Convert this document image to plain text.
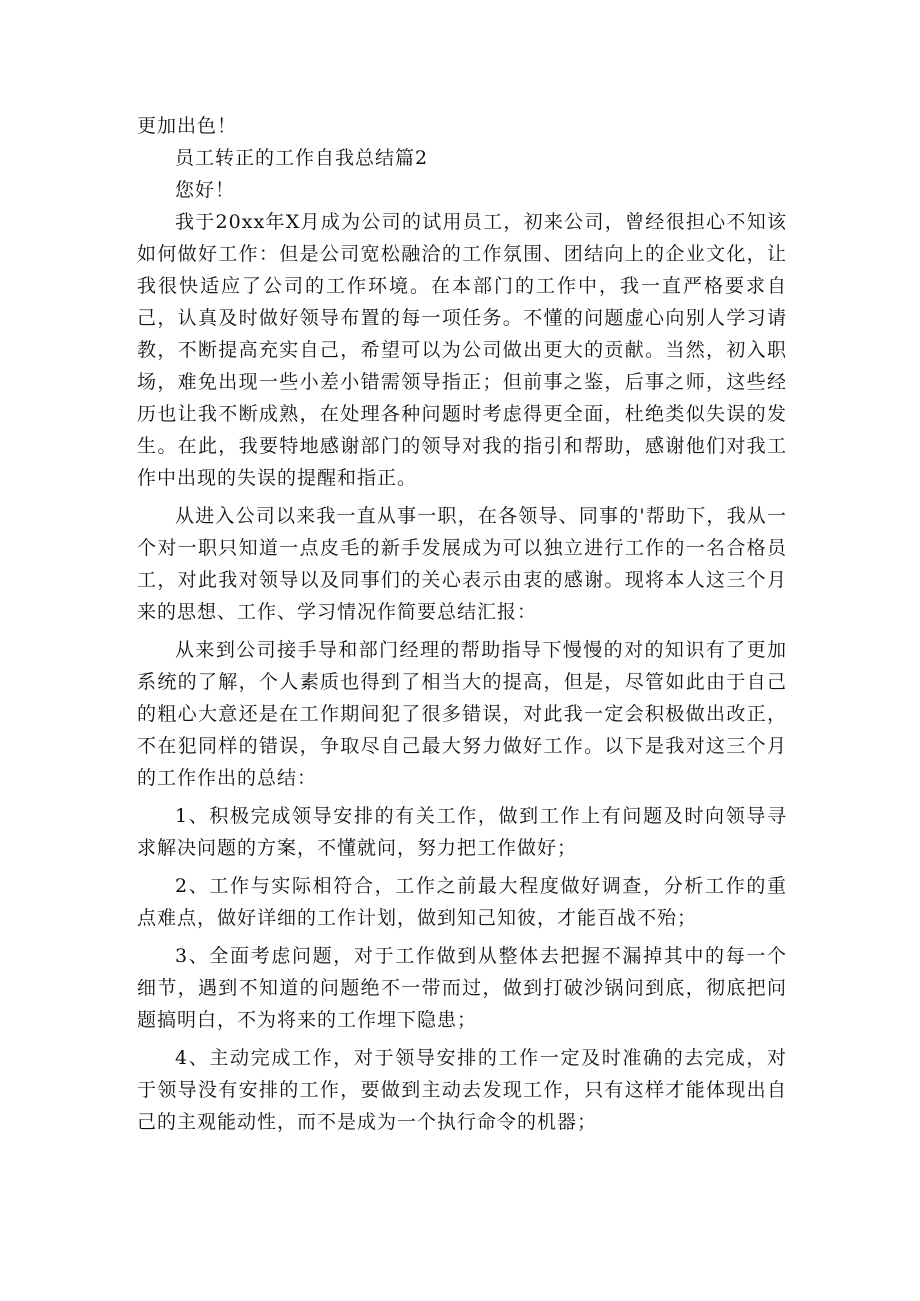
更加出色！

员工转正的工作自我总结篇2

您好！

我于20xx年X月成为公司的试用员工，初来公司，曾经很担心不知该如何做好工作：但是公司宽松融洽的工作氛围、团结向上的企业文化，让我很快适应了公司的工作环境。在本部门的工作中，我一直严格要求自己，认真及时做好领导布置的每一项任务。不懂的问题虚心向别人学习请教，不断提高充实自己，希望可以为公司做出更大的贡献。当然，初入职场，难免出现一些小差小错需领导指正；但前事之鉴，后事之师，这些经历也让我不断成熟，在处理各种问题时考虑得更全面，杜绝类似失误的发生。在此，我要特地感谢部门的领导对我的指引和帮助，感谢他们对我工作中出现的失误的提醒和指正。

从进入公司以来我一直从事一职，在各领导、同事的'帮助下，我从一个对一职只知道一点皮毛的新手发展成为可以独立进行工作的一名合格员工，对此我对领导以及同事们的关心表示由衷的感谢。现将本人这三个月来的思想、工作、学习情况作简要总结汇报：

从来到公司接手导和部门经理的帮助指导下慢慢的对的知识有了更加系统的了解，个人素质也得到了相当大的提高，但是，尽管如此由于自己的粗心大意还是在工作期间犯了很多错误，对此我一定会积极做出改正，不在犯同样的错误，争取尽自己最大努力做好工作。以下是我对这三个月的工作作出的总结：

1、积极完成领导安排的有关工作，做到工作上有问题及时向领导寻求解决问题的方案，不懂就问，努力把工作做好；

2、工作与实际相符合，工作之前最大程度做好调查，分析工作的重点难点，做好详细的工作计划，做到知己知彼，才能百战不殆；

3、全面考虑问题，对于工作做到从整体去把握不漏掉其中的每一个细节，遇到不知道的问题绝不一带而过，做到打破沙锅问到底，彻底把问题搞明白，不为将来的工作埋下隐患；

4、主动完成工作，对于领导安排的工作一定及时准确的去完成，对于领导没有安排的工作，要做到主动去发现工作，只有这样才能体现出自己的主观能动性，而不是成为一个执行命令的机器；
